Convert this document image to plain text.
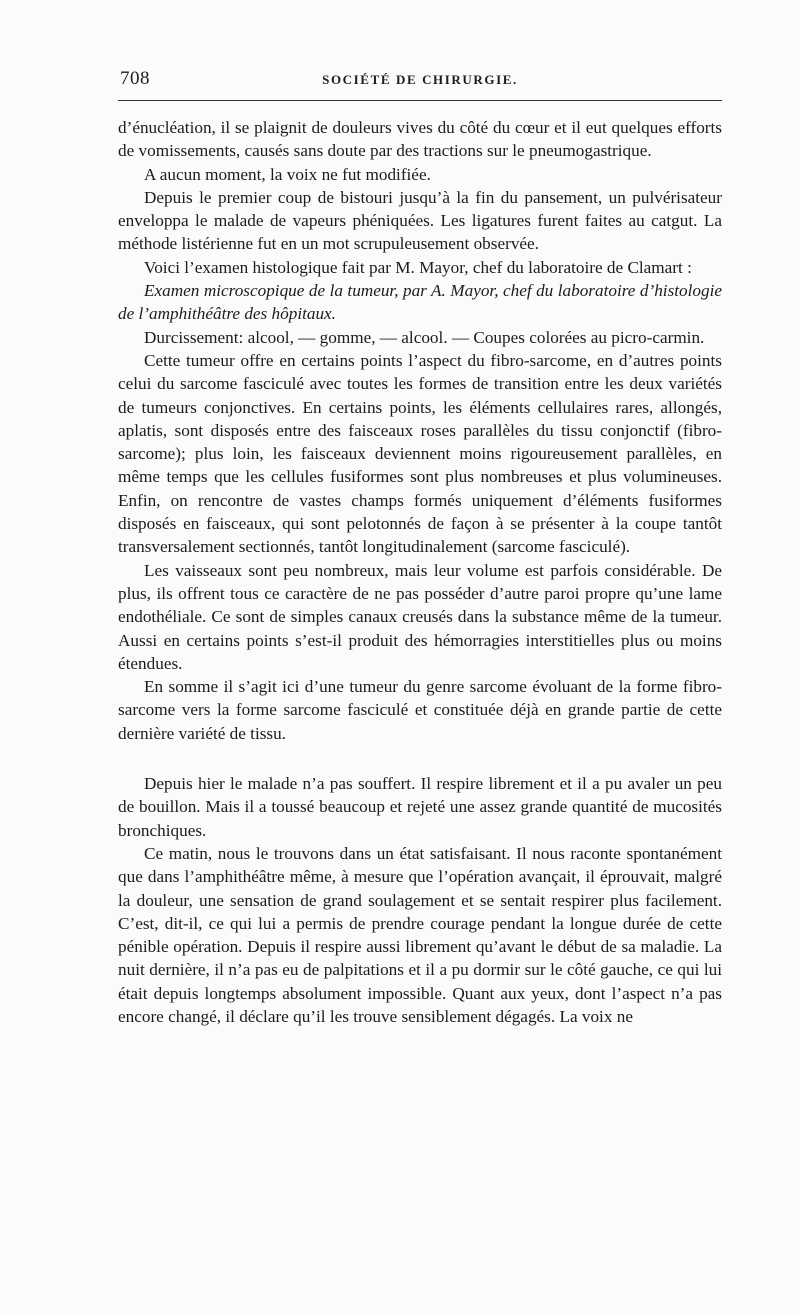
708	SOCIÉTÉ DE CHIRURGIE.

d’énucléation, il se plaignit de douleurs vives du côté du cœur et il eut quelques efforts de vomissements, causés sans doute par des tractions sur le pneumogastrique.

A aucun moment, la voix ne fut modifiée.

Depuis le premier coup de bistouri jusqu’à la fin du pansement, un pulvérisateur enveloppa le malade de vapeurs phéniquées. Les ligatures furent faites au catgut. La méthode listérienne fut en un mot scrupuleusement observée.

Voici l’examen histologique fait par M. Mayor, chef du laboratoire de Clamart :

Examen microscopique de la tumeur, par A. Mayor, chef du laboratoire d’histologie de l’amphithéâtre des hôpitaux.

Durcissement: alcool, — gomme, — alcool. — Coupes colorées au picro-carmin.

Cette tumeur offre en certains points l’aspect du fibro-sarcome, en d’autres points celui du sarcome fasciculé avec toutes les formes de transition entre les deux variétés de tumeurs conjonctives. En certains points, les éléments cellulaires rares, allongés, aplatis, sont disposés entre des faisceaux roses parallèles du tissu conjonctif (fibro-sarcome); plus loin, les faisceaux deviennent moins rigoureusement parallèles, en même temps que les cellules fusiformes sont plus nombreuses et plus volumineuses. Enfin, on rencontre de vastes champs formés uniquement d’éléments fusiformes disposés en faisceaux, qui sont pelotonnés de façon à se présenter à la coupe tantôt transversalement sectionnés, tantôt longitudinalement (sarcome fasciculé).

Les vaisseaux sont peu nombreux, mais leur volume est parfois considérable. De plus, ils offrent tous ce caractère de ne pas posséder d’autre paroi propre qu’une lame endothéliale. Ce sont de simples canaux creusés dans la substance même de la tumeur. Aussi en certains points s’est-il produit des hémorragies interstitielles plus ou moins étendues.

En somme il s’agit ici d’une tumeur du genre sarcome évoluant de la forme fibro-sarcome vers la forme sarcome fasciculé et constituée déjà en grande partie de cette dernière variété de tissu.

Depuis hier le malade n’a pas souffert. Il respire librement et il a pu avaler un peu de bouillon. Mais il a toussé beaucoup et rejeté une assez grande quantité de mucosités bronchiques.

Ce matin, nous le trouvons dans un état satisfaisant. Il nous raconte spontanément que dans l’amphithéâtre même, à mesure que l’opération avançait, il éprouvait, malgré la douleur, une sensation de grand soulagement et se sentait respirer plus facilement. C’est, dit-il, ce qui lui a permis de prendre courage pendant la longue durée de cette pénible opération. Depuis il respire aussi librement qu’avant le début de sa maladie. La nuit dernière, il n’a pas eu de palpitations et il a pu dormir sur le côté gauche, ce qui lui était depuis longtemps absolument impossible. Quant aux yeux, dont l’aspect n’a pas encore changé, il déclare qu’il les trouve sensiblement dégagés. La voix ne
